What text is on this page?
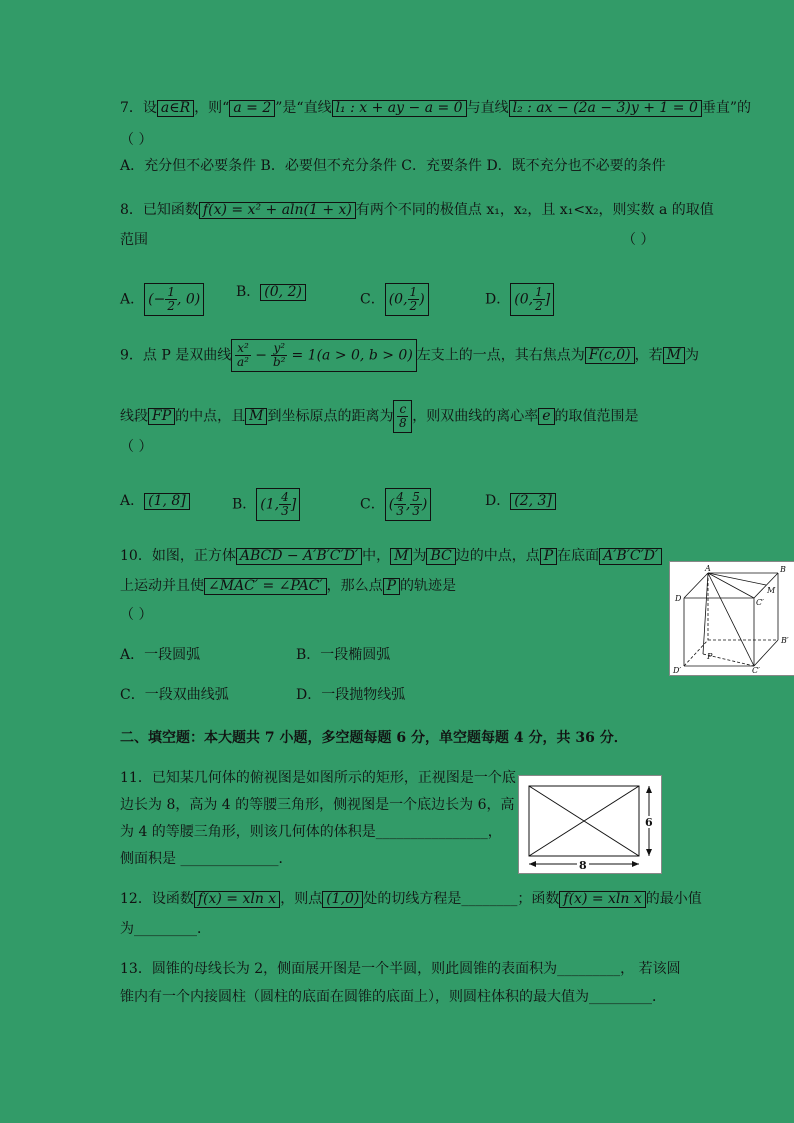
7．设 a∈R ，则“ a = 2 ”是“直线 l₁ : x + ay − a = 0 与直线 l₂ : ax − (2a − 3)y + 1 = 0 垂直”的
（ ）
A．充分但不必要条件 B．必要但不充分条件 C．充要条件 D．既不充分也不必要的条件
8．已知函数 f(x) = x² + aln(1 + x) 有两个不同的极值点 x₁，x₂，且 x₁<x₂，则实数 a 的取值
范围	（ ）
A． (− $\frac{1}{2}$ , 0)	B． (0, 2)	C． (0, $\frac{1}{2}$ )	D． (0, $\frac{1}{2}$ ]
9．点 P 是双曲线 $\frac{\text{x²}}{\text{a²}} - \frac{\text{y²}}{\text{b²}} = 1(a > 0$, b > 0) 左支上的一点，其右焦点为 F(c,0) ，若 M 为
线段 FP 的中点，且 M 到坐标原点的距离为 $\frac{c}{8}$ ，则双曲线的离心率 e 的取值范围是
（ ）
A． (1, 8]	B． (1, $\frac{4}{3}$ ]	C． ( $\frac{4}{3}$ , $\frac{5}{3}$ )	D． (2, 3]
10．如图，正方体 ABCD − A′B′C′D′ 中， M 为 BC 边的中点，点 P 在底面 A′B′C′D′
上运动并且使 ∠MAC′ = ∠PAC′ ，那么点 P 的轨迹是
（ ）
A．一段圆弧	B．一段椭圆弧
C．一段双曲线弧	D．一段抛物线弧
A	B
D	C′
M
P
B′
C′
D′
二、填空题：本大题共 7 小题，多空题每题 6 分，单空题每题 4 分，共 36 分．
11．已知某几何体的俯视图是如图所示的矩形，正视图是一个底
边长为 8，高为 4 的等腰三角形，侧视图是一个底边长为 6，高
为 4 的等腰三角形，则该几何体的体积是________________，
侧面积是 ______________．	8
6
12．设函数 f(x) = xln x ，则点 (1,0) 处的切线方程是________；函数 f(x) = xln x 的最小值
为_________．
13．圆锥的母线长为 2，侧面展开图是一个半圆，则此圆锥的表面积为_________， 若该圆
锥内有一个内接圆柱（圆柱的底面在圆锥的底面上），则圆柱体积的最大值为_________．
